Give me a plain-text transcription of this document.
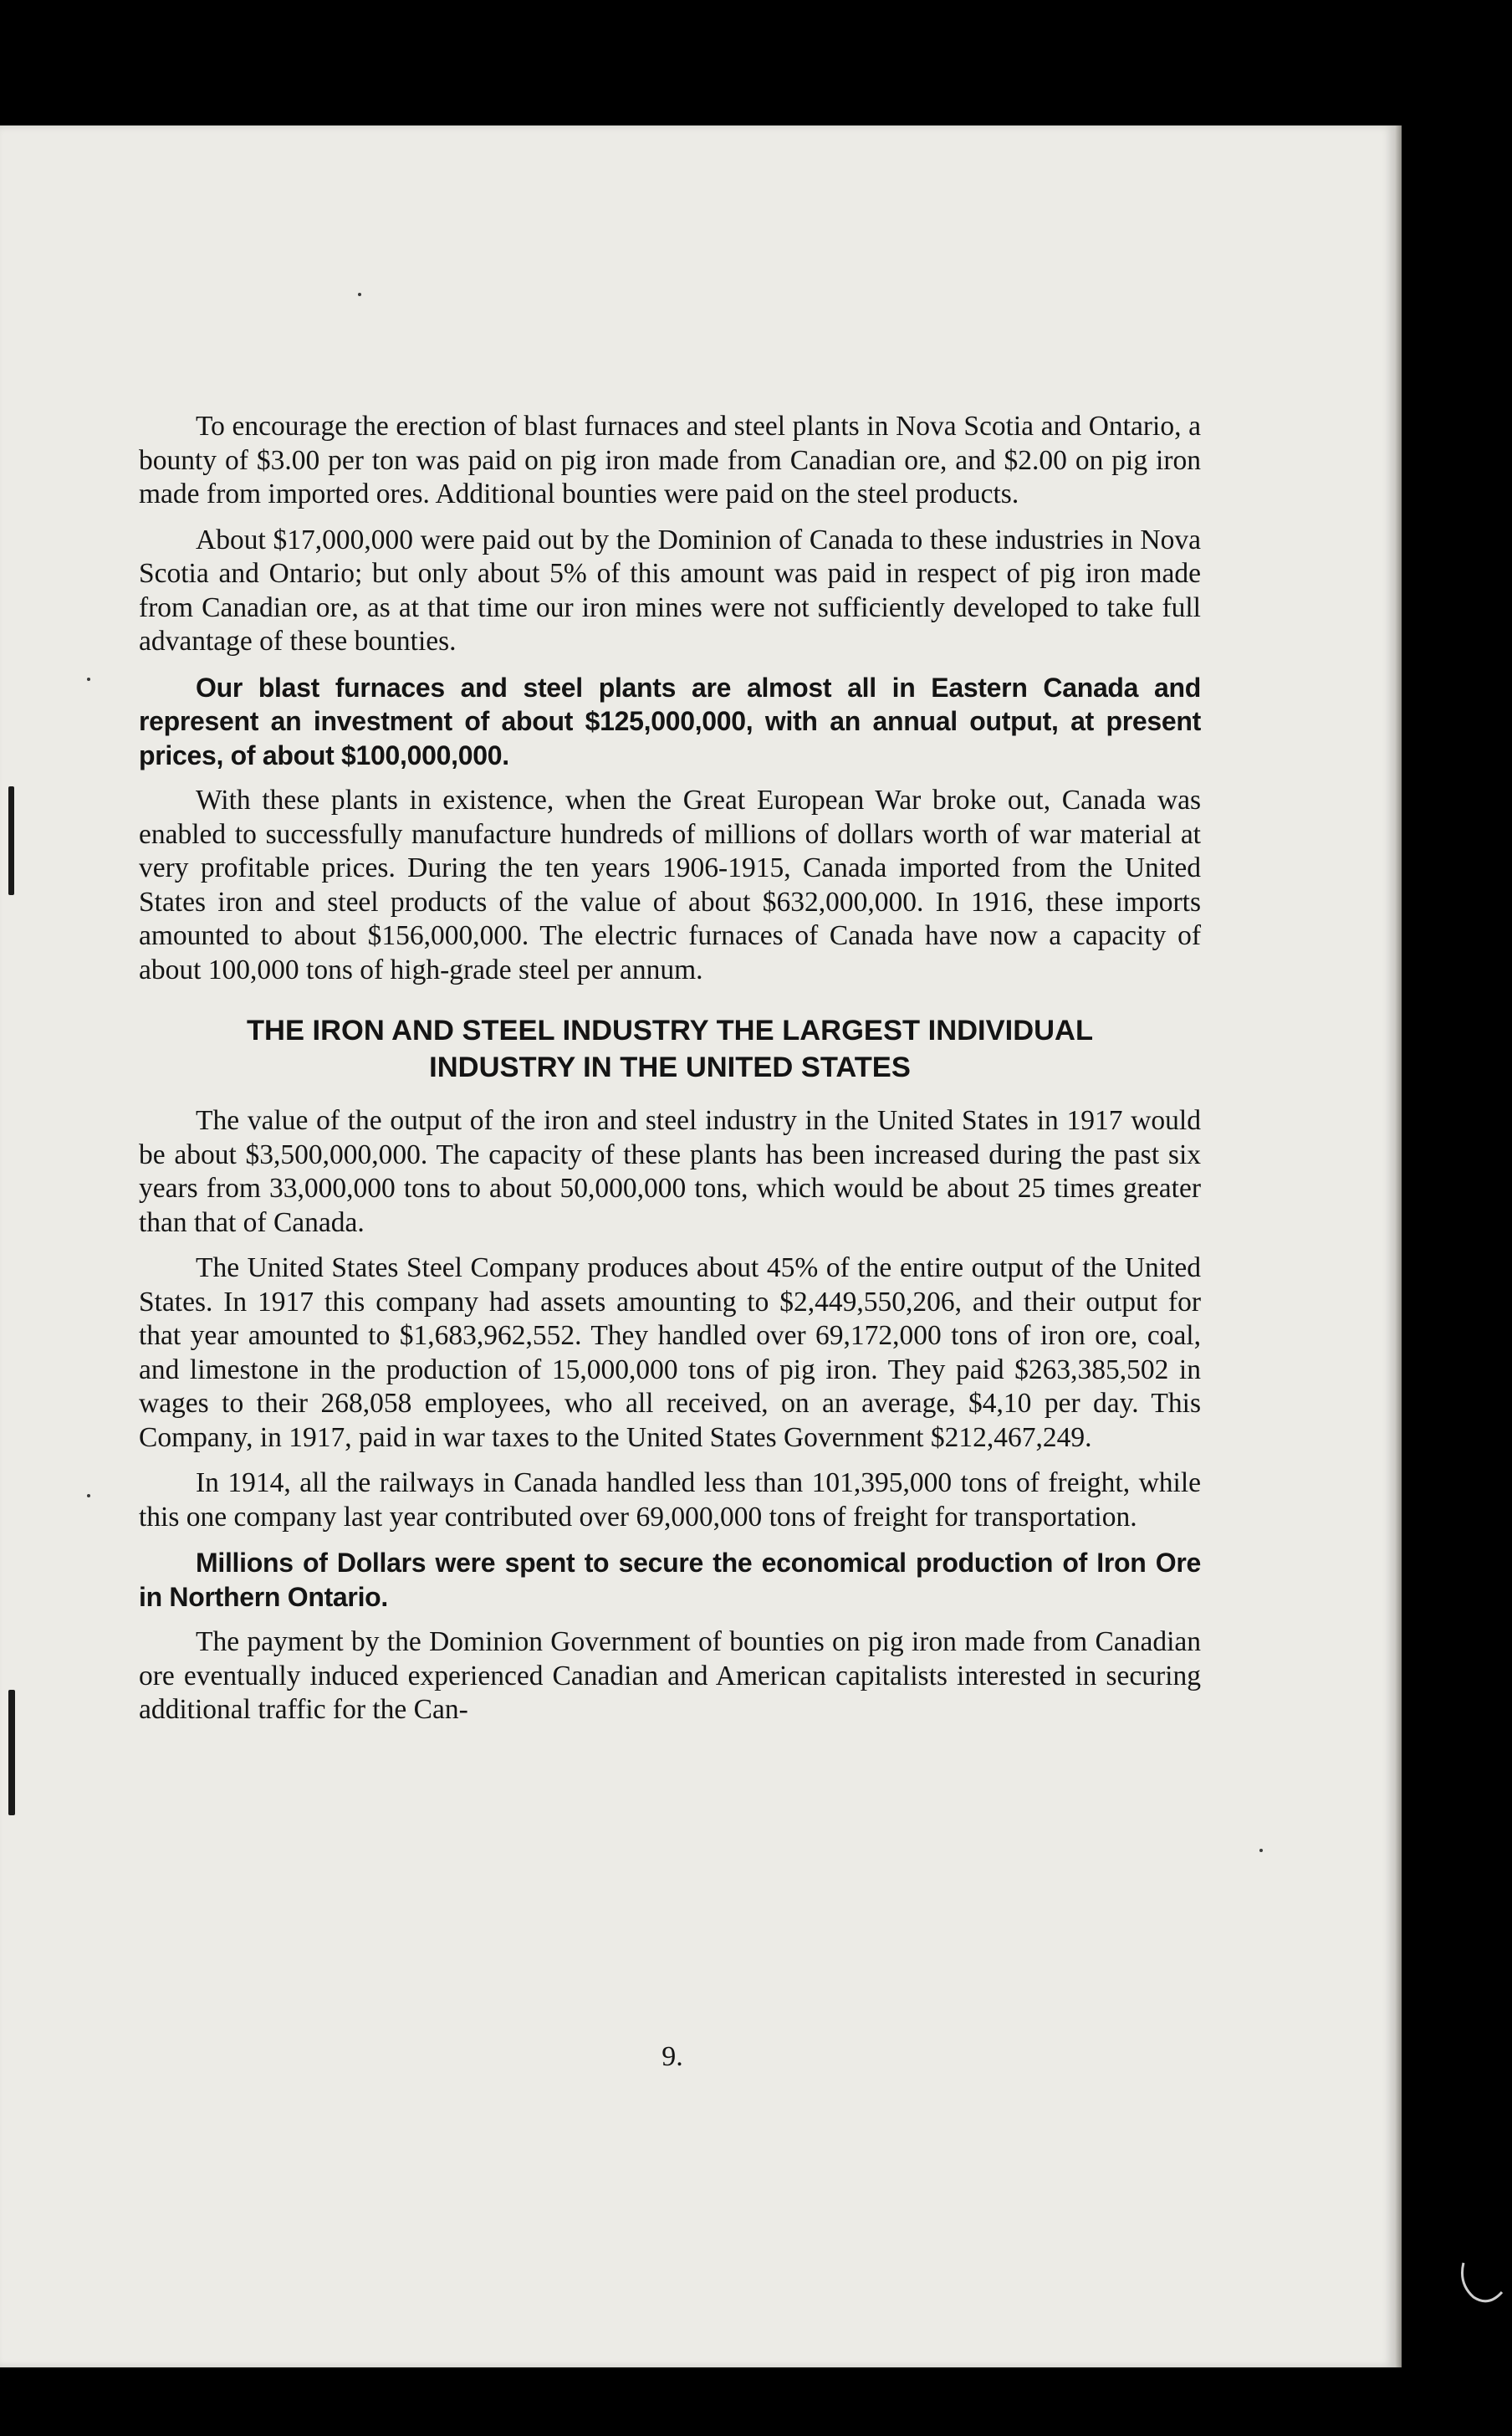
To encourage the erection of blast furnaces and steel plants in Nova Scotia and Ontario, a bounty of $3.00 per ton was paid on pig iron made from Canadian ore, and $2.00 on pig iron made from imported ores. Additional bounties were paid on the steel products.

About $17,000,000 were paid out by the Dominion of Canada to these industries in Nova Scotia and Ontario; but only about 5% of this amount was paid in respect of pig iron made from Canadian ore, as at that time our iron mines were not sufficiently developed to take full advantage of these bounties.

Our blast furnaces and steel plants are almost all in Eastern Canada and represent an investment of about $125,000,000, with an annual output, at present prices, of about $100,000,000.

With these plants in existence, when the Great European War broke out, Canada was enabled to successfully manufacture hundreds of millions of dollars worth of war material at very profitable prices. During the ten years 1906-1915, Canada imported from the United States iron and steel products of the value of about $632,000,000. In 1916, these imports amounted to about $156,000,000. The electric furnaces of Canada have now a capacity of about 100,000 tons of high-grade steel per annum.

THE IRON AND STEEL INDUSTRY THE LARGEST INDIVIDUAL
INDUSTRY IN THE UNITED STATES

The value of the output of the iron and steel industry in the United States in 1917 would be about $3,500,000,000. The capacity of these plants has been increased during the past six years from 33,000,000 tons to about 50,000,000 tons, which would be about 25 times greater than that of Canada.

The United States Steel Company produces about 45% of the entire output of the United States. In 1917 this company had assets amounting to $2,449,550,206, and their output for that year amounted to $1,683,962,552. They handled over 69,172,000 tons of iron ore, coal, and limestone in the production of 15,000,000 tons of pig iron. They paid $263,385,502 in wages to their 268,058 employees, who all received, on an average, $4,10 per day. This Company, in 1917, paid in war taxes to the United States Government $212,467,249.

In 1914, all the railways in Canada handled less than 101,395,000 tons of freight, while this one company last year contributed over 69,000,000 tons of freight for transportation.

Millions of Dollars were spent to secure the economical production of Iron Ore in Northern Ontario.

The payment by the Dominion Government of bounties on pig iron made from Canadian ore eventually induced experienced Canadian and American capitalists interested in securing additional traffic for the Can-

9.
